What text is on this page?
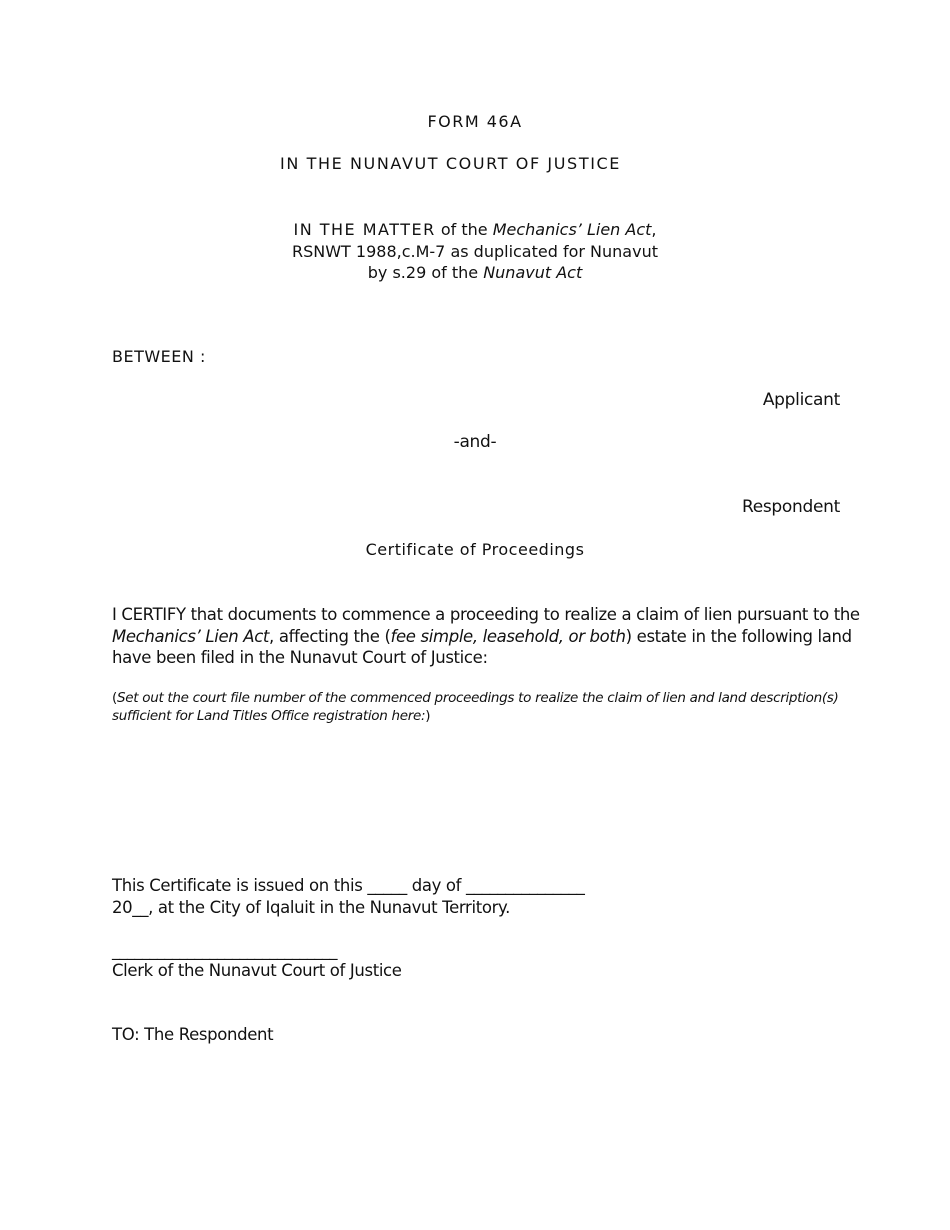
FORM 46A

IN THE NUNAVUT COURT OF JUSTICE

IN THE MATTER of the Mechanics’ Lien Act,
RSNWT 1988,c.M-7 as duplicated for Nunavut
by s.29 of the Nunavut Act

BETWEEN :

Applicant

-and-

Respondent

Certificate of Proceedings

I CERTIFY that documents to commence a proceeding to realize a claim of lien pursuant to the
Mechanics’ Lien Act, affecting the (fee simple, leasehold, or both) estate in the following land
have been filed in the Nunavut Court of Justice:
(Set out the court file number of the commenced proceedings to realize the claim of lien and land description(s)
sufficient for Land Titles Office registration here:)
This Certificate is issued on this _____ day of _______________
20__, at the City of Iqaluit in the Nunavut Territory.

______________________________

Clerk of the Nunavut Court of Justice

TO: The Respondent
